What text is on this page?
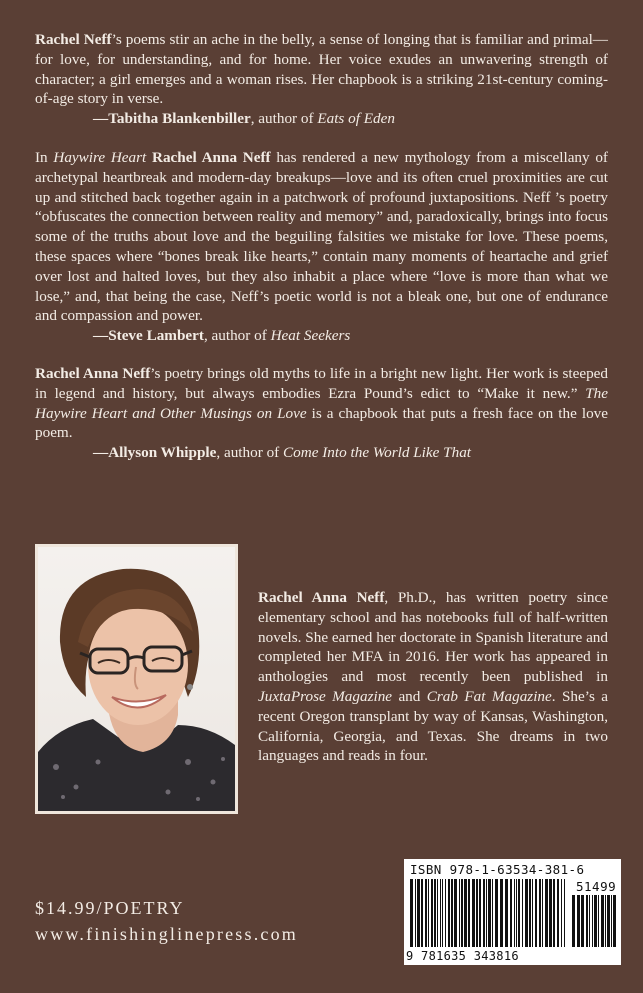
Rachel Neff’s poems stir an ache in the belly, a sense of longing that is familiar and primal—for love, for understanding, and for home. Her voice exudes an unwavering strength of character; a girl emerges and a woman rises. Her chapbook is a striking 21st-century coming-of-age story in verse.

—Tabitha Blankenbiller, author of Eats of Eden

In Haywire Heart Rachel Anna Neff has rendered a new mythology from a miscellany of archetypal heartbreak and modern-day breakups—love and its often cruel proximities are cut up and stitched back together again in a patchwork of profound juxtapositions. Neff ’s poetry “obfuscates the connection between reality and memory” and, paradoxically, brings into focus some of the truths about love and the beguiling falsities we mistake for love. These poems, these spaces where “bones break like hearts,” contain many moments of heartache and grief over lost and halted loves, but they also inhabit a place where “love is more than what we lose,” and, that being the case, Neff’s poetic world is not a bleak one, but one of endurance and compassion and power.

—Steve Lambert, author of Heat Seekers

Rachel Anna Neff’s poetry brings old myths to life in a bright new light. Her work is steeped in legend and history, but always embodies Ezra Pound’s edict to “Make it new.” The Haywire Heart and Other Musings on Love is a chapbook that puts a fresh face on the love poem.

—Allyson Whipple, author of Come Into the World Like That

Rachel Anna Neff, Ph.D., has written poetry since elementary school and has notebooks full of half-written novels. She earned her doctorate in Spanish literature and completed her MFA in 2016. Her work has appeared in anthologies and most recently been published in JuxtaProse Magazine and Crab Fat Magazine. She’s a recent Oregon transplant by way of Kansas, Washington, California, Georgia, and Texas. She dreams in two languages and reads in four.

$14.99/POETRY
www.finishinglinepress.com
ISBN 978-1-63534-381-6
51499
9 781635 343816
